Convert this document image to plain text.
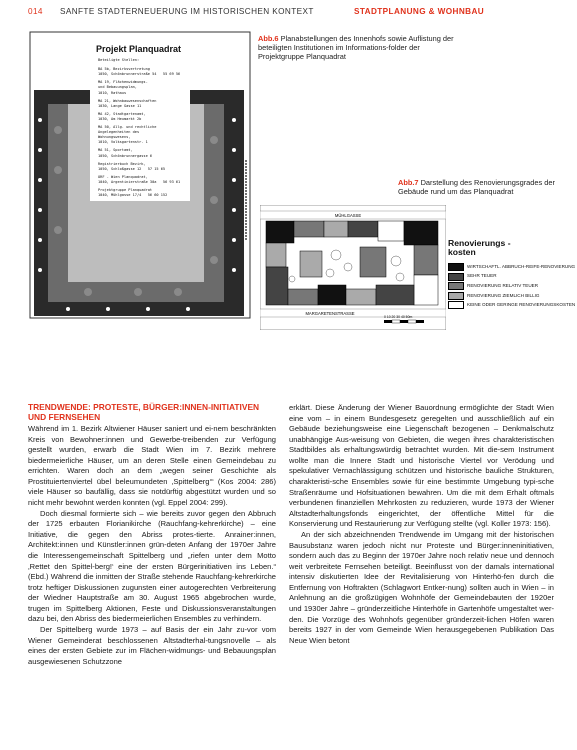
014 SANFTE STADTERNEUERUNG IM HISTORISCHEN KONTEXT	STADTPLANUNG & WOHNBAU
Projekt Planquadrat
Beteiligte Stellen:
BA 5b, Bezirksvertretung
1050, Schönbrunnerstraße 54   55 69 56
MA 19, Flächenwidmungs-
und Bebauungsplan,
1010, Rathaus
MA 21, Wohnbauwesenschaften
1030, Lange Gasse 11
MA 42, Stadtgartenamt,
1030, Am Heumarkt 2b
MA 50, Allg. und rechtliche
Angelegenheiten des
Wohnungswesens,
1010, Volksgartenstr. 1
MA 51, Sportamt,
1050, Schönbrunnergasse 6
Registrierbuch Bezirk,
1050, Schloßgasse 12   57 15 65
ORF - Wien Planquadrat,
1040, Argentinierstraße 30a   56 93 61
Projektgruppe Planquadrat
1040, Mühlgasse 17/4   56 60 152
Abb.6 Planabstellungen des Innenhofs sowie Auflistung der beteiligten Institutionen im Informations-folder der Projektgruppe Planquadrat
Abb.7 Darstellung des Renovierungsgrades der Gebäude rund um das Planquadrat
MÜHLGASSE
MARGARETENSTRASSE
0 10 20 30 40 50m
Renovierungs -
kosten
WIRTSCHAFTL. ABBRUCH-REIFE-RENOVIERUNG
SEHR TEUER
RENOVIERUNG RELATIV TEUER
RENOVIERUNG ZIEMLICH BILLIG
KEINE ODER GERINGE RENOVIERUNGSKOSTEN
TRENDWENDE: PROTESTE, BÜRGER:INNEN-INITIATIVEN UND FERNSEHEN

Während im 1. Bezirk Altwiener Häuser saniert und ei-nem beschränkten Kreis von Bewohner:innen und Gewerbe-treibenden zur Verfügung gestellt wurden, erwarb die Stadt Wien im 7. Bezirk mehrere biedermeierliche Häuser, um an deren Stelle einen Gemeindebau zu errichten. Waren doch an dem „wegen seiner Geschichte als Prostituiertenviertel übel beleumundeten ‚Spittelberg‘“ (Kos 2004: 286) viele Häuser so baufällig, dass sie notdürftig abgestützt wurden und so nicht mehr bewohnt werden konnten (vgl. Eppel 2004: 299).

Doch diesmal formierte sich – wie bereits zuvor gegen den Abbruch der 1725 erbauten Florianikirche (Rauchfang-kehrerkirche) – eine Initiative, die gegen den Abriss protes-tierte. Anrainer:innen, Architekt:innen und Künstler:innen grün-deten Anfang der 1970er Jahre die Interessengemeinschaft Spittelberg und „riefen unter dem Motto ‚Rettet den Spittel-berg!‘ eine der ersten Bürgerinitiativen ins Leben.“ (Ebd.) Während die inmitten der Straße stehende Rauchfang-kehrerkirche trotz heftiger Diskussionen zugunsten einer autogerechten Verbreiterung der Wiedner Hauptstraße am 30. August 1965 abgebrochen wurde, trugen im Spittelberg Aktionen, Feste und Diskussionsveranstaltungen dazu bei, den Abriss des biedermeierlichen Ensembles zu verhindern.

Der Spittelberg wurde 1973 – auf Basis der ein Jahr zu-vor vom Wiener Gemeinderat beschlossenen Altstadterhal-tungsnovelle – als eines der ersten Gebiete zur im Flächen-widmungs- und Bebauungsplan ausgewiesenen Schutzzone

erklärt. Diese Änderung der Wiener Bauordnung ermöglichte der Stadt Wien eine vom – in einem Bundesgesetz geregelten und ausschließlich auf ein Gebäude beziehungsweise eine Liegenschaft bezogenen – Denkmalschutz unabhängige Aus-weisung von Gebieten, die wegen ihres charakteristischen Stadtbildes als erhaltungswürdig betrachtet wurden. Mit die-sem Instrument wollte man die Innere Stadt und historische Viertel vor Verödung und spekulativer Vernachlässigung schützen und historische bauliche Strukturen, charakteristi-sche Ensembles sowie für eine bestimmte Umgebung typi-sche Straßenräume und Hofsituationen bewahren. Um die mit dem Erhalt oftmals verbundenen finanziellen Mehrkosten zu reduzieren, wurde 1973 der Wiener Altstadterhaltungsfonds eingerichtet, der öffentliche Mittel für die Konservierung und Restaurierung zur Verfügung stellte (vgl. Koller 1973: 156).

An der sich abzeichnenden Trendwende im Umgang mit der historischen Bausubstanz waren jedoch nicht nur Proteste und Bürger:inneninitiativen, sondern auch das zu Beginn der 1970er Jahre noch relativ neue und dennoch weit verbreitete Fernsehen beteiligt. Beeinflusst von der damals international intensiv diskutierten Idee der Revitalisierung von Hinterhö-fen durch die Entfernung von Hoftrakten (Schlagwort Entker-nung) sollten auch in Wien – in Anlehnung an die großzügigen Wohnhöfe der Gemeindebauten der 1920er und 1930er Jahre – gründerzeitliche Hinterhöfe in Gartenhöfe umgestaltet wer-den. Die Vorzüge des Wohnhofs gegenüber gründerzeit-lichen Höfen waren bereits 1927 in der vom Gemeinde Wien herausgegebenen Publikation Das Neue Wien betont
